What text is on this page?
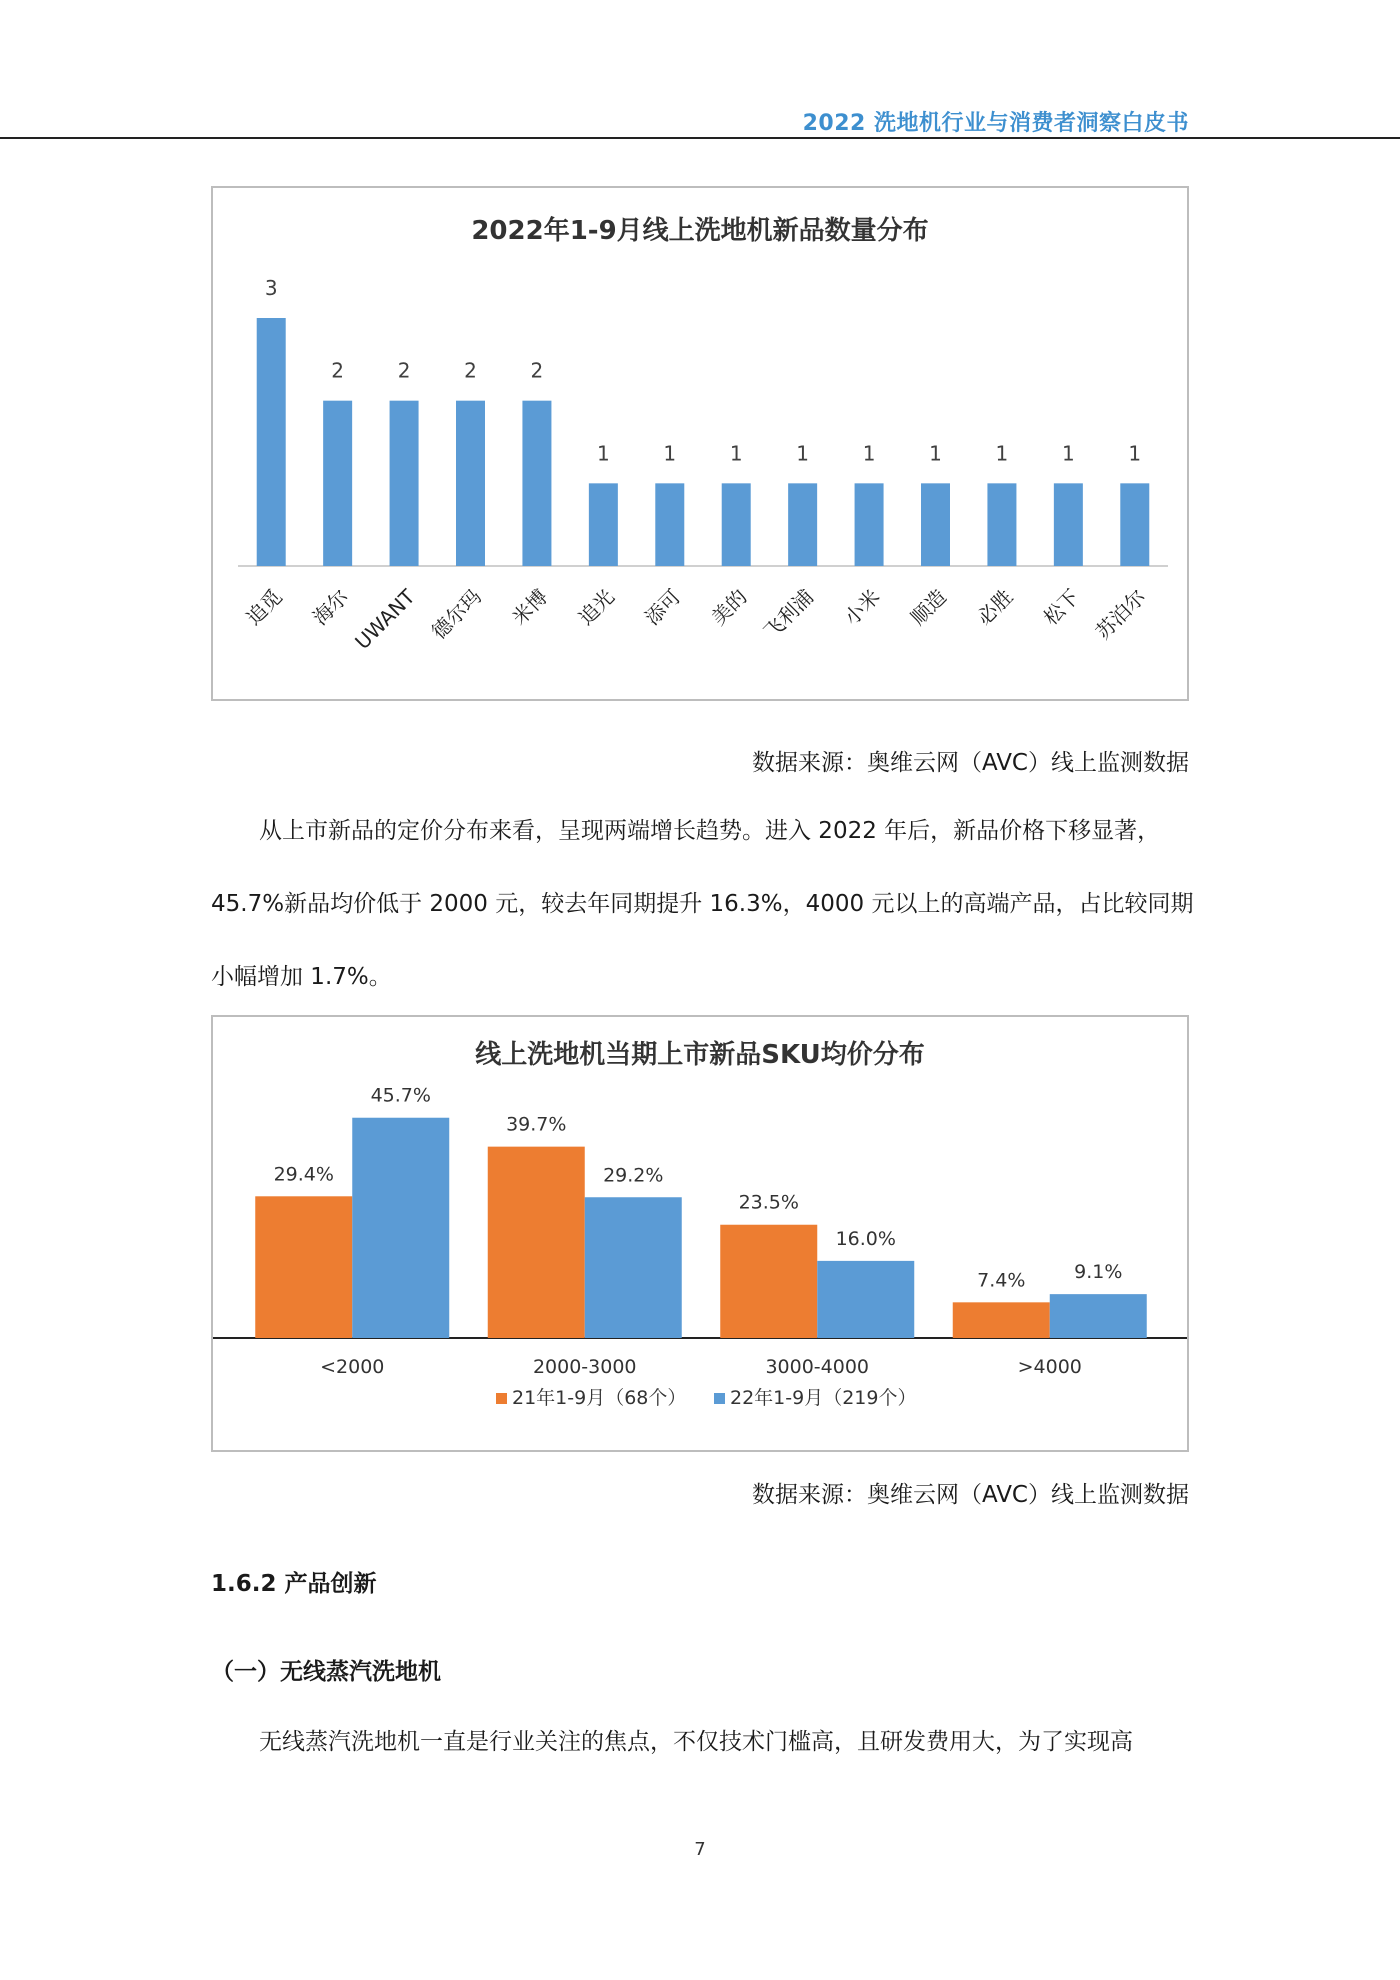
2022 洗地机行业与消费者洞察白皮书
2022年1-9月线上洗地机新品数量分布
3
追觅
2
海尔
2
UWANT
2
德尔玛
2
米博
1
追光
1
添可
1
美的
1
飞利浦
1
小米
1
顺造
1
必胜
1
松下
1
苏泊尔
数据来源：奥维云网（AVC）线上监测数据
从上市新品的定价分布来看，呈现两端增长趋势。进入 2022 年后，新品价格下移显著，
45.7%新品均价低于 2000 元，较去年同期提升 16.3%，4000 元以上的高端产品，占比较同期
小幅增加 1.7%。
线上洗地机当期上市新品SKU均价分布
29.4%
45.7%
<2000
39.7%
29.2%
2000-3000
23.5%
16.0%
3000-4000
7.4%	9.1%
>4000
21年1-9月（68个） 22年1-9月（219个）
数据来源：奥维云网（AVC）线上监测数据
1.6.2 产品创新
（一）无线蒸汽洗地机
无线蒸汽洗地机一直是行业关注的焦点，不仅技术门槛高，且研发费用大，为了实现高
7
